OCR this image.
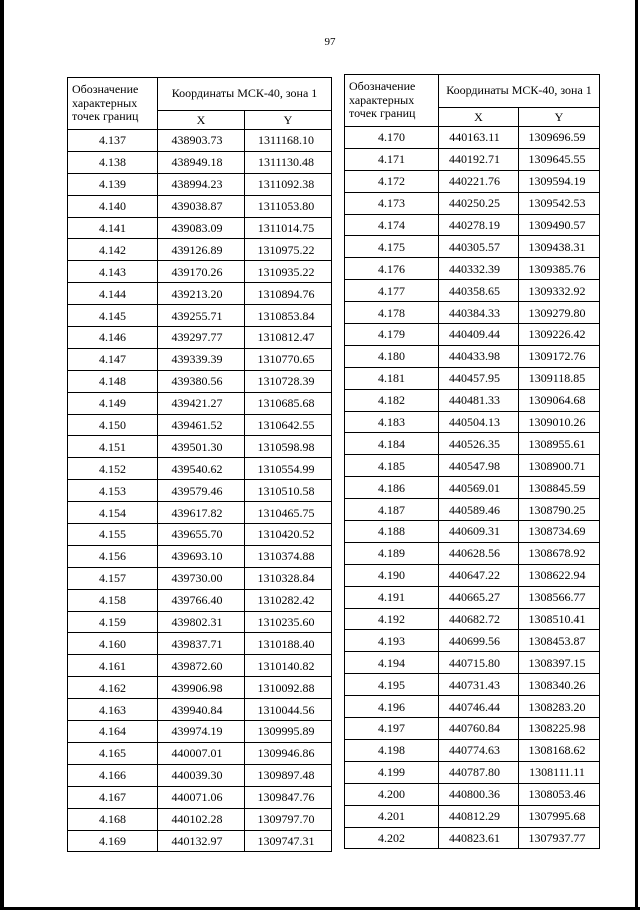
97
Обозначение характерных точек границ	Координаты МСК-40, зона 1	
	X	Y
4.137	438903.73	1311168.10
4.138	438949.18	1311130.48
4.139	438994.23	1311092.38
4.140	439038.87	1311053.80
4.141	439083.09	1311014.75
4.142	439126.89	1310975.22
4.143	439170.26	1310935.22
4.144	439213.20	1310894.76
4.145	439255.71	1310853.84
4.146	439297.77	1310812.47
4.147	439339.39	1310770.65
4.148	439380.56	1310728.39
4.149	439421.27	1310685.68
4.150	439461.52	1310642.55
4.151	439501.30	1310598.98
4.152	439540.62	1310554.99
4.153	439579.46	1310510.58
4.154	439617.82	1310465.75
4.155	439655.70	1310420.52
4.156	439693.10	1310374.88
4.157	439730.00	1310328.84
4.158	439766.40	1310282.42
4.159	439802.31	1310235.60
4.160	439837.71	1310188.40
4.161	439872.60	1310140.82
4.162	439906.98	1310092.88
4.163	439940.84	1310044.56
4.164	439974.19	1309995.89
4.165	440007.01	1309946.86
4.166	440039.30	1309897.48
4.167	440071.06	1309847.76
4.168	440102.28	1309797.70
4.169	440132.97	1309747.31
Обозначение характерных точек границ	Координаты МСК-40, зона 1	
	X	Y
4.170	440163.11	1309696.59
4.171	440192.71	1309645.55
4.172	440221.76	1309594.19
4.173	440250.25	1309542.53
4.174	440278.19	1309490.57
4.175	440305.57	1309438.31
4.176	440332.39	1309385.76
4.177	440358.65	1309332.92
4.178	440384.33	1309279.80
4.179	440409.44	1309226.42
4.180	440433.98	1309172.76
4.181	440457.95	1309118.85
4.182	440481.33	1309064.68
4.183	440504.13	1309010.26
4.184	440526.35	1308955.61
4.185	440547.98	1308900.71
4.186	440569.01	1308845.59
4.187	440589.46	1308790.25
4.188	440609.31	1308734.69
4.189	440628.56	1308678.92
4.190	440647.22	1308622.94
4.191	440665.27	1308566.77
4.192	440682.72	1308510.41
4.193	440699.56	1308453.87
4.194	440715.80	1308397.15
4.195	440731.43	1308340.26
4.196	440746.44	1308283.20
4.197	440760.84	1308225.98
4.198	440774.63	1308168.62
4.199	440787.80	1308111.11
4.200	440800.36	1308053.46
4.201	440812.29	1307995.68
4.202	440823.61	1307937.77
